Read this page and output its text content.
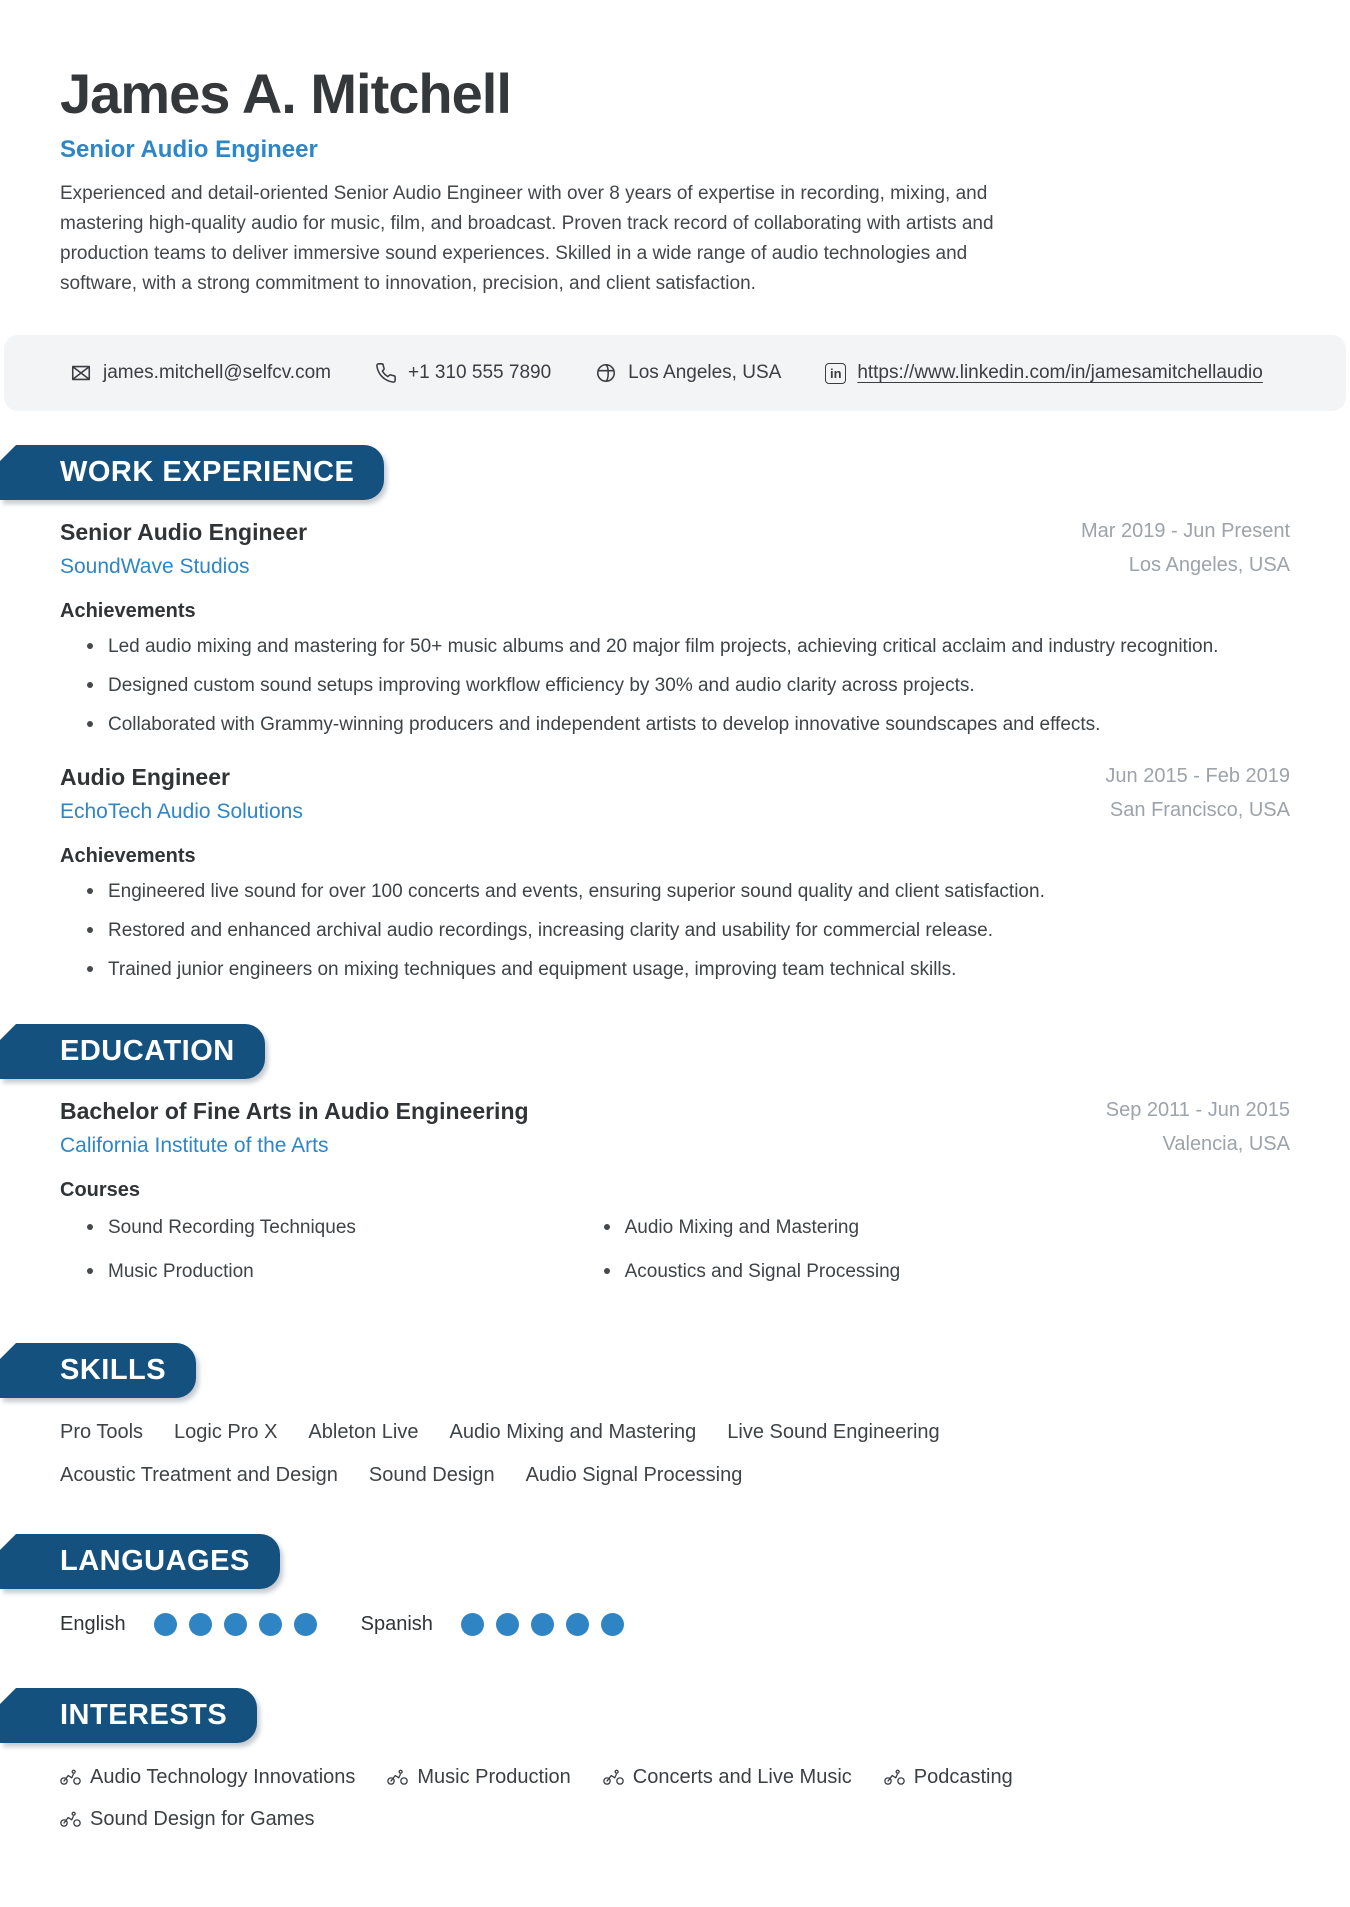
James A. Mitchell
Senior Audio Engineer

Experienced and detail-oriented Senior Audio Engineer with over 8 years of expertise in recording, mixing, and mastering high-quality audio for music, film, and broadcast. Proven track record of collaborating with artists and production teams to deliver immersive sound experiences. Skilled in a wide range of audio technologies and software, with a strong commitment to innovation, precision, and client satisfaction.

james.mitchell@selfcv.com	+1 310 555 7890	Los Angeles, USA	in https://www.linkedin.com/in/jamesamitchellaudio
WORK EXPERIENCE
Senior Audio Engineer
SoundWave Studios
Mar 2019 - Jun Present
Los Angeles, USA
Achievements
Led audio mixing and mastering for 50+ music albums and 20 major film projects, achieving critical acclaim and industry recognition.
Designed custom sound setups improving workflow efficiency by 30% and audio clarity across projects.
Collaborated with Grammy-winning producers and independent artists to develop innovative soundscapes and effects.
Audio Engineer
EchoTech Audio Solutions
Jun 2015 - Feb 2019
San Francisco, USA
Achievements
Engineered live sound for over 100 concerts and events, ensuring superior sound quality and client satisfaction.
Restored and enhanced archival audio recordings, increasing clarity and usability for commercial release.
Trained junior engineers on mixing techniques and equipment usage, improving team technical skills.
EDUCATION
Bachelor of Fine Arts in Audio Engineering
California Institute of the Arts
Sep 2011 - Jun 2015
Valencia, USA
Courses
Sound Recording Techniques
Music Production
Audio Mixing and Mastering
Acoustics and Signal Processing
SKILLS
Pro Tools Logic Pro X Ableton Live Audio Mixing and Mastering Live Sound Engineering
Acoustic Treatment and Design Sound Design Audio Signal Processing
LANGUAGES
English	Spanish
INTERESTS
Audio Technology Innovations	Music Production	Concerts and Live Music	Podcasting
Sound Design for Games
